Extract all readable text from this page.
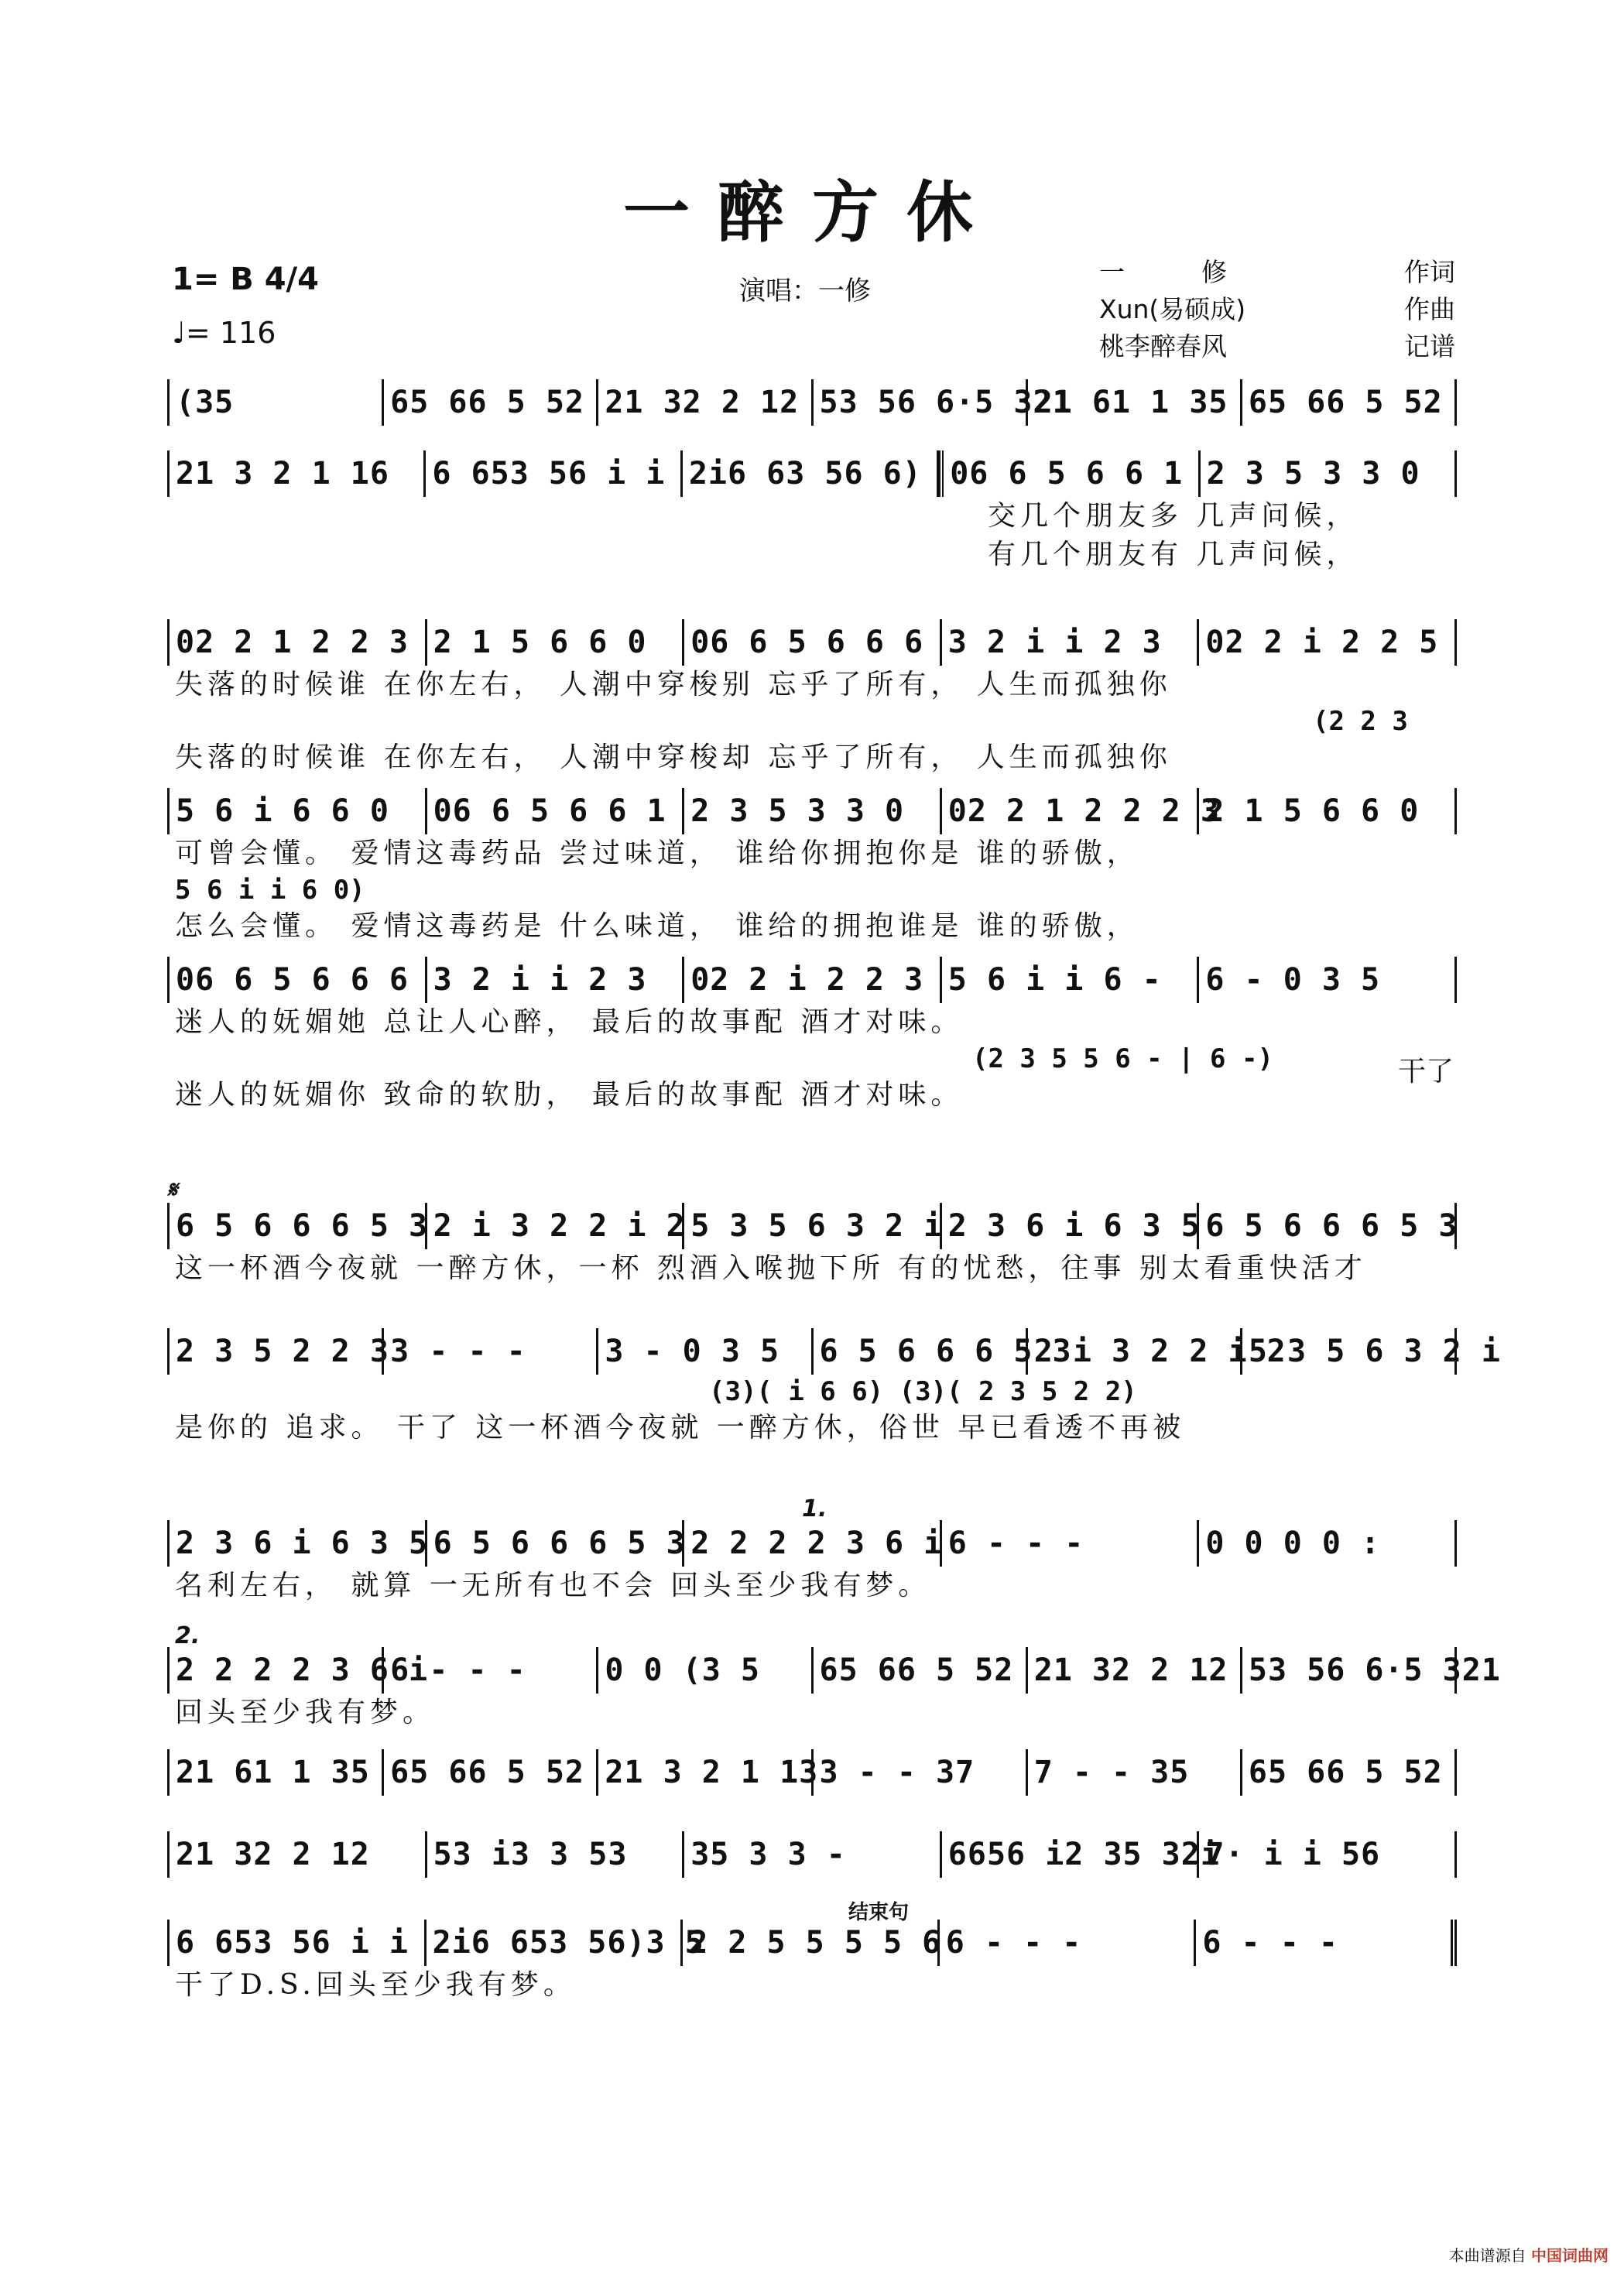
一醉方休
1= B 4/4
♩= 116
演唱：一修
一　　　修	作词
Xun(易硕成)	作曲
桃李醉春风	记谱
(35	65 66 5 52 21 32 2 12 53 56 6·5 321
21 61 1 35 65 66 5 52
21 3 2 1 16	6 653 56 i i 2i6 63 56 6) 06 6 5 6 6 1 2 3 5 3 3 0
交几个朋友多 几声问候，
有几个朋友有 几声问候，
02 2 1 2 2 3 2 1 5 6 6 0	06 6 5 6 6 6 3 2 i i 2 3	02 2 i 2 2 5
失落的时候谁 在你左右， 人潮中穿梭别 忘乎了所有， 人生而孤独你
(2 2 3
失落的时候谁 在你左右， 人潮中穿梭却 忘乎了所有， 人生而孤独你
5 6 i 6 6 0	06 6 5 6 6 1 2 3 5 3 3 0	02 2 1 2 2 2 3
2 1 5 6 6 0
可曾会懂。 爱情这毒药品 尝过味道， 谁给你拥抱你是 谁的骄傲，
5 6 i i 6 0)
怎么会懂。 爱情这毒药是 什么味道， 谁给的拥抱谁是 谁的骄傲，
06 6 5 6 6 6 3 2 i i 2 3	02 2 i 2 2 3 5 6 i i 6 -	6 - 0 3 5
迷人的妩媚她 总让人心醉， 最后的故事配 酒才对味。
(2 3 5 5 6 - | 6 -)
迷人的妩媚你 致命的软肋， 最后的故事配 酒才对味。
干了
𝄋
6 5 6 6 6 5 3 2 i 3 2 2 i 2 5 3 5 6 3 2 i 2 3 6 i 6 3 5 6 5 6 6 6 5 3
这一杯酒今夜就 一醉方休，一杯 烈酒入喉抛下所 有的忧愁，往事 别太看重快活才
2 3 5 2 2 3 3 - - -	3 - 0 3 5	6 5 6 6 6 5 3
2 i 3 2 2 i 2
5 3 5 6 3 2 i
(3)( i 6 6) (3)( 2 3 5 2 2)
是你的 追求。 干了 这一杯酒今夜就 一醉方休，俗世 早已看透不再被
1.
2 3 6 i 6 3 5 6 5 6 6 6 5 3 2 2 2 2 3 6 i 6 - - -	0 0 0 0 :
名利左右， 就算 一无所有也不会 回头至少我有梦。
2.
2 2 2 2 3 6 i
6 - - -	0 0 (3 5	65 66 5 52 21 32 2 12 53 56 6·5 321
回头至少我有梦。
21 61 1 35 65 66 5 52 21 3 2 1 13 3 - - 37	7 - - 35	65 66 5 52
21 32 2 12	53 i3 3 53	35 3 3 -	6656 i2 35 32i
7· i i 56
结束句
6 653 56 i i 2i6 653 56)3 5
2 2 5 5 5 5 6 6 - - -	6 - - -
干了D.S.回头至少我有梦。
本曲谱源自 中国词曲网
